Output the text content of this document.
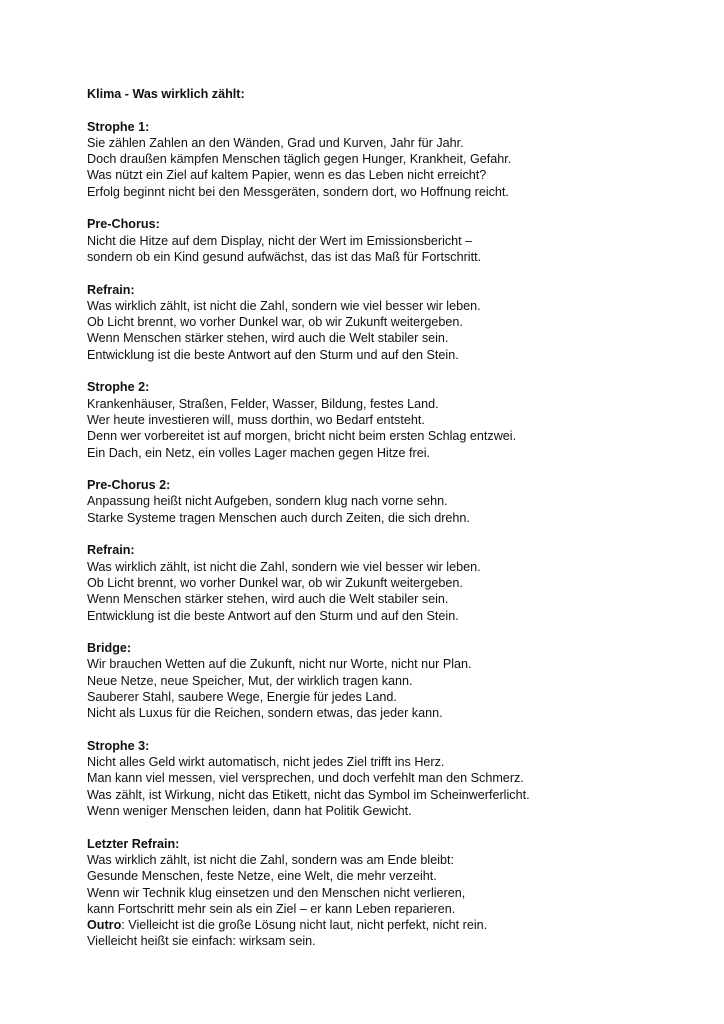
Klima - Was wirklich zählt:
Strophe 1:
Sie zählen Zahlen an den Wänden, Grad und Kurven, Jahr für Jahr.
Doch draußen kämpfen Menschen täglich gegen Hunger, Krankheit, Gefahr.
Was nützt ein Ziel auf kaltem Papier, wenn es das Leben nicht erreicht?
Erfolg beginnt nicht bei den Messgeräten, sondern dort, wo Hoffnung reicht.
Pre-Chorus:
Nicht die Hitze auf dem Display, nicht der Wert im Emissionsbericht –
sondern ob ein Kind gesund aufwächst, das ist das Maß für Fortschritt.
Refrain:
Was wirklich zählt, ist nicht die Zahl, sondern wie viel besser wir leben.
Ob Licht brennt, wo vorher Dunkel war, ob wir Zukunft weitergeben.
Wenn Menschen stärker stehen, wird auch die Welt stabiler sein.
Entwicklung ist die beste Antwort auf den Sturm und auf den Stein.
Strophe 2:
Krankenhäuser, Straßen, Felder, Wasser, Bildung, festes Land.
Wer heute investieren will, muss dorthin, wo Bedarf entsteht.
Denn wer vorbereitet ist auf morgen, bricht nicht beim ersten Schlag entzwei.
Ein Dach, ein Netz, ein volles Lager machen gegen Hitze frei.
Pre-Chorus 2:
Anpassung heißt nicht Aufgeben, sondern klug nach vorne sehn.
Starke Systeme tragen Menschen auch durch Zeiten, die sich drehn.
Refrain:
Was wirklich zählt, ist nicht die Zahl, sondern wie viel besser wir leben.
Ob Licht brennt, wo vorher Dunkel war, ob wir Zukunft weitergeben.
Wenn Menschen stärker stehen, wird auch die Welt stabiler sein.
Entwicklung ist die beste Antwort auf den Sturm und auf den Stein.
Bridge:
Wir brauchen Wetten auf die Zukunft, nicht nur Worte, nicht nur Plan.
Neue Netze, neue Speicher, Mut, der wirklich tragen kann.
Sauberer Stahl, saubere Wege, Energie für jedes Land.
Nicht als Luxus für die Reichen, sondern etwas, das jeder kann.
Strophe 3:
Nicht alles Geld wirkt automatisch, nicht jedes Ziel trifft ins Herz.
Man kann viel messen, viel versprechen, und doch verfehlt man den Schmerz.
Was zählt, ist Wirkung, nicht das Etikett, nicht das Symbol im Scheinwerferlicht.
Wenn weniger Menschen leiden, dann hat Politik Gewicht.
Letzter Refrain:
Was wirklich zählt, ist nicht die Zahl, sondern was am Ende bleibt:
Gesunde Menschen, feste Netze, eine Welt, die mehr verzeiht.
Wenn wir Technik klug einsetzen und den Menschen nicht verlieren,
kann Fortschritt mehr sein als ein Ziel – er kann Leben reparieren.
Outro: Vielleicht ist die große Lösung nicht laut, nicht perfekt, nicht rein.
Vielleicht heißt sie einfach: wirksam sein.
